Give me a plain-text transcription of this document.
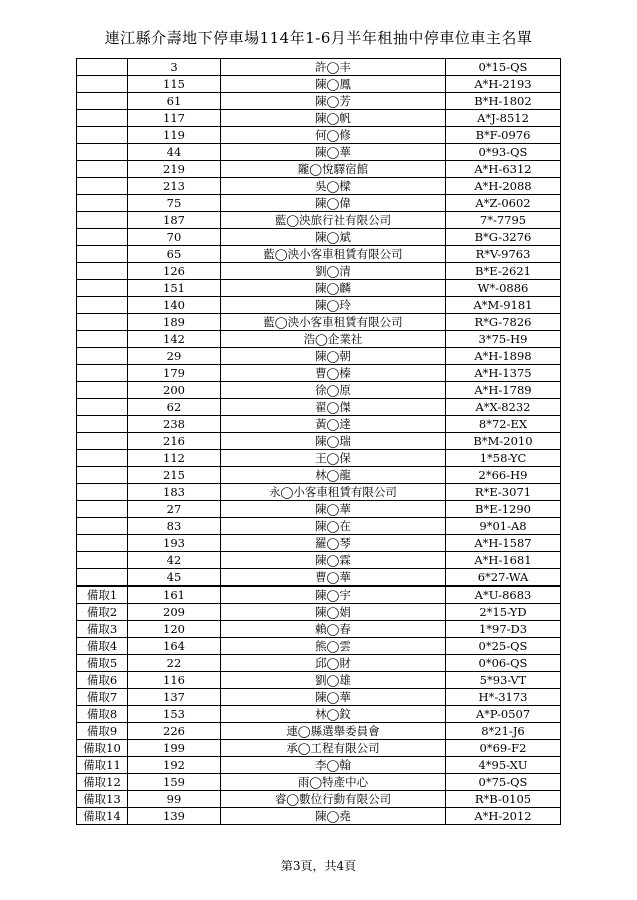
連江縣介壽地下停車場114年1-6月半年租抽中停車位車主名單
	3	許◯丰	0*15-QS
	115	陳◯鳳	A*H-2193
	61	陳◯芳	B*H-1802
	117	陳◯帆	A*J-8512
	119	何◯修	B*F-0976
	44	陳◯華	0*93-QS
	219	隴◯悅驛宿館	A*H-6312
	213	吳◯樑	A*H-2088
	75	陳◯偉	A*Z-0602
	187	藍◯泱旅行社有限公司	7*-7795
	70	陳◯斌	B*G-3276
	65	藍◯泱小客車租賃有限公司	R*V-9763
	126	劉◯清	B*E-2621
	151	陳◯麟	W*-0886
	140	陳◯玲	A*M-9181
	189	藍◯泱小客車租賃有限公司	R*G-7826
	142	浩◯企業社	3*75-H9
	29	陳◯朝	A*H-1898
	179	曹◯榛	A*H-1375
	200	徐◯原	A*H-1789
	62	翟◯傑	A*X-8232
	238	黃◯達	8*72-EX
	216	陳◯瑞	B*M-2010
	112	王◯保	1*58-YC
	215	林◯龍	2*66-H9
	183	永◯小客車租賃有限公司	R*E-3071
	27	陳◯華	B*E-1290
	83	陳◯在	9*01-A8
	193	羅◯琴	A*H-1587
	42	陳◯霖	A*H-1681
	45	曹◯華	6*27-WA
備取1	161	陳◯宇	A*U-8683
備取2	209	陳◯娟	2*15-YD
備取3	120	賴◯春	1*97-D3
備取4	164	熊◯雲	0*25-QS
備取5	22	邱◯財	0*06-QS
備取6	116	劉◯雄	5*93-VT
備取7	137	陳◯華	H*-3173
備取8	153	林◯鈫	A*P-0507
備取9	226	連◯縣選舉委員會	8*21-J6
備取10	199	承◯工程有限公司	0*69-F2
備取11	192	李◯翰	4*95-XU
備取12	159	雨◯特產中心	0*75-QS
備取13	99	睿◯數位行動有限公司	R*B-0105
備取14	139	陳◯堯	A*H-2012
第3頁，共4頁
